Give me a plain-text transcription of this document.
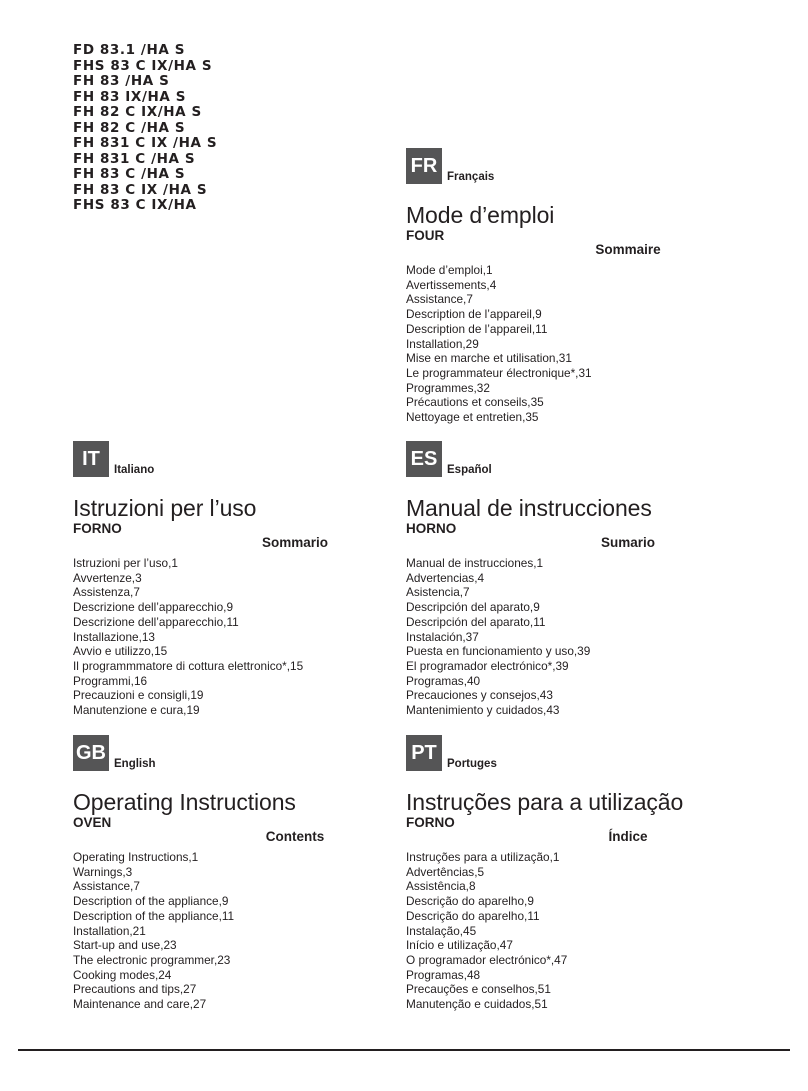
FD 83.1 /HA S
FHS 83 C IX/HA S
FH 83 /HA S
FH 83 IX/HA S
FH 82 C IX/HA S
FH 82 C /HA S
FH 831 C IX /HA S
FH 831 C /HA S
FH 83 C /HA S
FH 83 C IX /HA S
FHS 83 C IX/HA
FR Français
Mode d’emploi
FOUR
Sommaire
Mode d’emploi,1
Avertissements,4
Assistance,7
Description de l’appareil,9
Description de l’appareil,11
Installation,29
Mise en marche et utilisation,31
Le programmateur électronique*,31
Programmes,32
Précautions et conseils,35
Nettoyage et entretien,35
IT	Italiano
Istruzioni per l’uso
FORNO
Sommario
Istruzioni per l’uso,1
Avvertenze,3
Assistenza,7
Descrizione dell’apparecchio,9
Descrizione dell’apparecchio,11
Installazione,13
Avvio e utilizzo,15
Il programmmatore di cottura elettronico*,15
Programmi,16
Precauzioni e consigli,19
Manutenzione e cura,19
ES Español
Manual de instrucciones
HORNO
Sumario
Manual de instrucciones,1
Advertencias,4
Asistencia,7
Descripción del aparato,9
Descripción del aparato,11
Instalación,37
Puesta en funcionamiento y uso,39
El programador electrónico*,39
Programas,40
Precauciones y consejos,43
Mantenimiento y cuidados,43
GB English
Operating Instructions
OVEN
Contents
Operating Instructions,1
Warnings,3
Assistance,7
Description of the appliance,9
Description of the appliance,11
Installation,21
Start-up and use,23
The electronic programmer,23
Cooking modes,24
Precautions and tips,27
Maintenance and care,27
PT Portuges
Instruções para a utilização
FORNO
Índice
Instruções para a utilização,1
Advertências,5
Assistência,8
Descrição do aparelho,9
Descrição do aparelho,11
Instalação,45
Início e utilização,47
O programador electrónico*,47
Programas,48
Precauções e conselhos,51
Manutenção e cuidados,51
